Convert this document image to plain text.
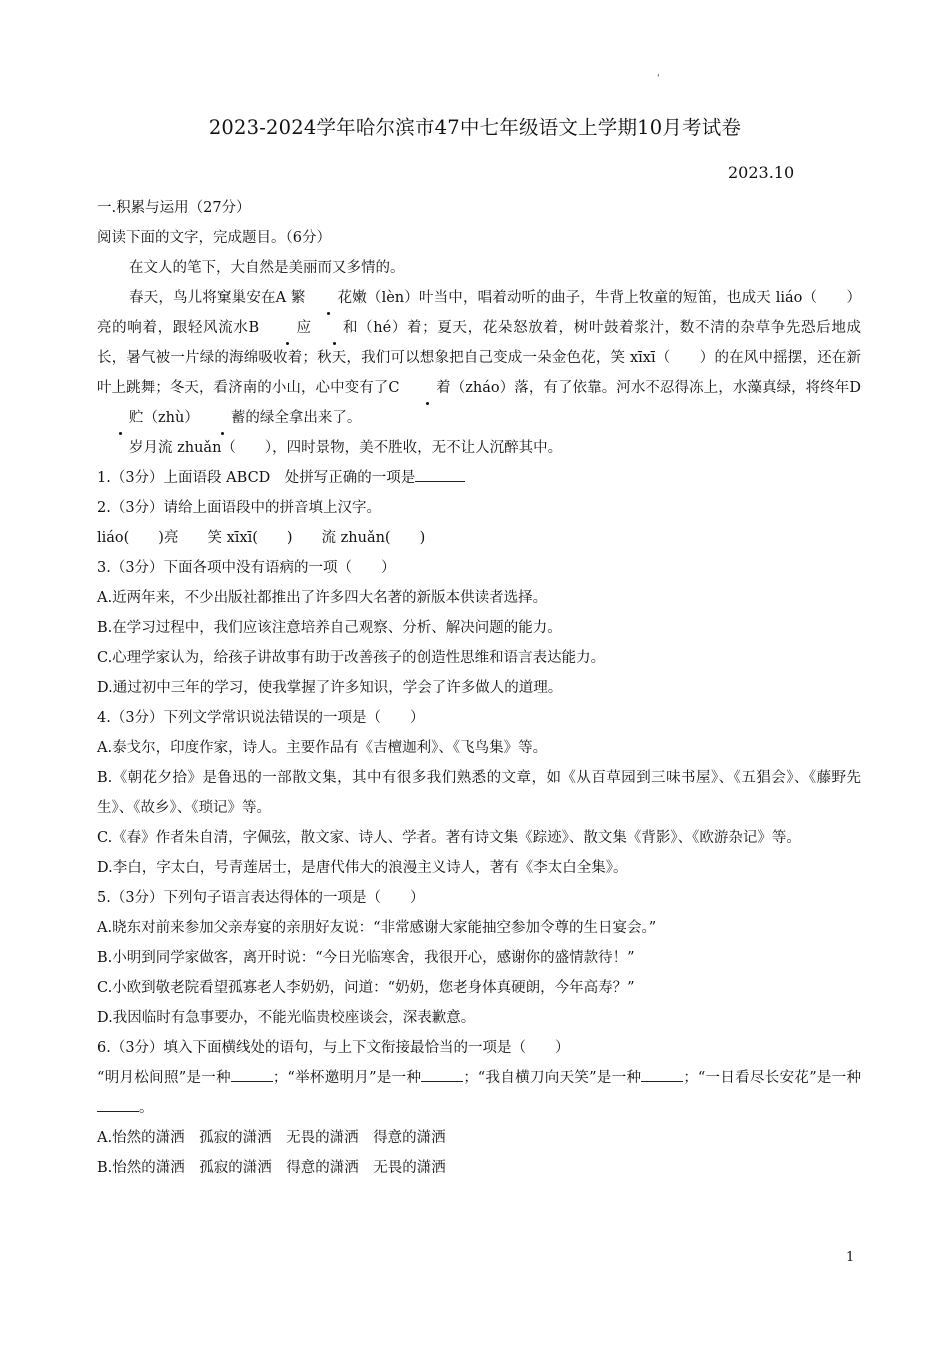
'
2023-2024学年哈尔滨市47中七年级语文上学期10月考试卷
2023.10

一.积累与运用（27分）

阅读下面的文字，完成题目。（6分）

在文人的笔下，大自然是美丽而又多情的。

春天，鸟儿将窠巢安在A 繁 花嫩（lèn）叶当中，唱着动听的曲子，牛背上牧童的短笛，也成天 liáo（　　）亮的响着，跟轻风流水B 应 和（hé）着；夏天，花朵怒放着，树叶鼓着浆汁，数不清的杂草争先恐后地成长，暑气被一片绿的海绵吸收着；秋天，我们可以想象把自己变成一朵金色花，笑 xīxī（　　）的在风中摇摆，还在新叶上跳舞；冬天，看济南的小山，心中变有了C 着（zháo）落，有了依靠。河水不忍得冻上，水藻真绿，将终年D 贮（zhù） 蓄的绿全拿出来了。

岁月流 zhuǎn（　　），四时景物，美不胜收，无不让人沉醉其中。

1.（3分）上面语段 ABCD　处拼写正确的一项是

2.（3分）请给上面语段中的拼音填上汉字。

liáo(　　)亮　　笑 xīxī(　　)　　流 zhuǎn(　　)

3.（3分）下面各项中没有语病的一项（　　）

A.近两年来，不少出版社都推出了许多四大名著的新版本供读者选择。

B.在学习过程中，我们应该注意培养自己观察、分析、解决问题的能力。

C.心理学家认为，给孩子讲故事有助于改善孩子的创造性思维和语言表达能力。

D.通过初中三年的学习，使我掌握了许多知识，学会了许多做人的道理。

4.（3分）下列文学常识说法错误的一项是（　　）

A.泰戈尔，印度作家，诗人。主要作品有《吉檀迦利》、《飞鸟集》等。

B.《朝花夕拾》是鲁迅的一部散文集，其中有很多我们熟悉的文章，如《从百草园到三味书屋》、《五猖会》、《藤野先生》、《故乡》、《琐记》等。

C.《春》作者朱自清，字佩弦，散文家、诗人、学者。著有诗文集《踪迹》、散文集《背影》、《欧游杂记》等。

D.李白，字太白，号青莲居士，是唐代伟大的浪漫主义诗人，著有《李太白全集》。

5.（3分）下列句子语言表达得体的一项是（　　）

A.晓东对前来参加父亲寿宴的亲朋好友说：“非常感谢大家能抽空参加令尊的生日宴会。”

B.小明到同学家做客，离开时说：“今日光临寒舍，我很开心，感谢你的盛情款待！”

C.小欧到敬老院看望孤寡老人李奶奶，问道：“奶奶，您老身体真硬朗，今年高寿？”

D.我因临时有急事要办，不能光临贵校座谈会，深表歉意。

6.（3分）填入下面横线处的语句，与上下文衔接最恰当的一项是（　　）

“明月松间照”是一种	；“举杯邀明月”是一种	；“我自横刀向天笑”是一种	；“一日看尽长安花”是一种。

A.怡然的潇洒　孤寂的潇洒　无畏的潇洒　得意的潇洒

B.怡然的潇洒　孤寂的潇洒　得意的潇洒　无畏的潇洒

1
